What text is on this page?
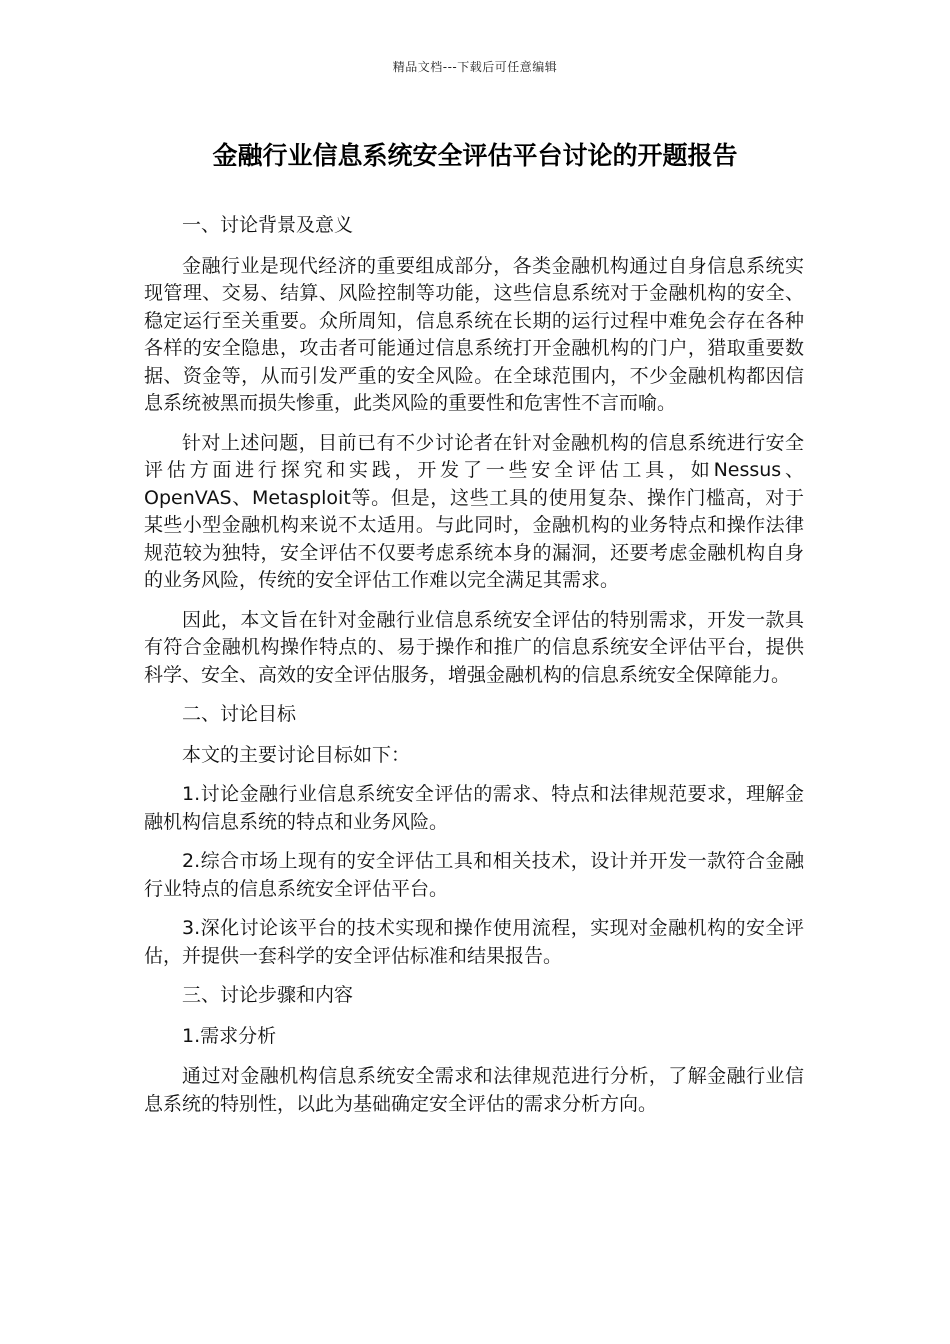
精品文档---下载后可任意编辑
金融行业信息系统安全评估平台讨论的开题报告

一、讨论背景及意义

金融行业是现代经济的重要组成部分，各类金融机构通过自身信息系统实现管理、交易、结算、风险控制等功能，这些信息系统对于金融机构的安全、稳定运行至关重要。众所周知，信息系统在长期的运行过程中难免会存在各种各样的安全隐患，攻击者可能通过信息系统打开金融机构的门户，猎取重要数据、资金等，从而引发严重的安全风险。在全球范围内，不少金融机构都因信息系统被黑而损失惨重，此类风险的重要性和危害性不言而喻。

针对上述问题，目前已有不少讨论者在针对金融机构的信息系统进行安全评估方面进行探究和实践，开发了一些安全评估工具，如Nessus、OpenVAS、Metasploit等。但是，这些工具的使用复杂、操作门槛高，对于某些小型金融机构来说不太适用。与此同时，金融机构的业务特点和操作法律规范较为独特，安全评估不仅要考虑系统本身的漏洞，还要考虑金融机构自身的业务风险，传统的安全评估工作难以完全满足其需求。

因此，本文旨在针对金融行业信息系统安全评估的特别需求，开发一款具有符合金融机构操作特点的、易于操作和推广的信息系统安全评估平台，提供科学、安全、高效的安全评估服务，增强金融机构的信息系统安全保障能力。

二、讨论目标

本文的主要讨论目标如下：

1.讨论金融行业信息系统安全评估的需求、特点和法律规范要求，理解金融机构信息系统的特点和业务风险。

2.综合市场上现有的安全评估工具和相关技术，设计并开发一款符合金融行业特点的信息系统安全评估平台。

3.深化讨论该平台的技术实现和操作使用流程，实现对金融机构的安全评估，并提供一套科学的安全评估标准和结果报告。

三、讨论步骤和内容

1.需求分析

通过对金融机构信息系统安全需求和法律规范进行分析，了解金融行业信息系统的特别性，以此为基础确定安全评估的需求分析方向。
